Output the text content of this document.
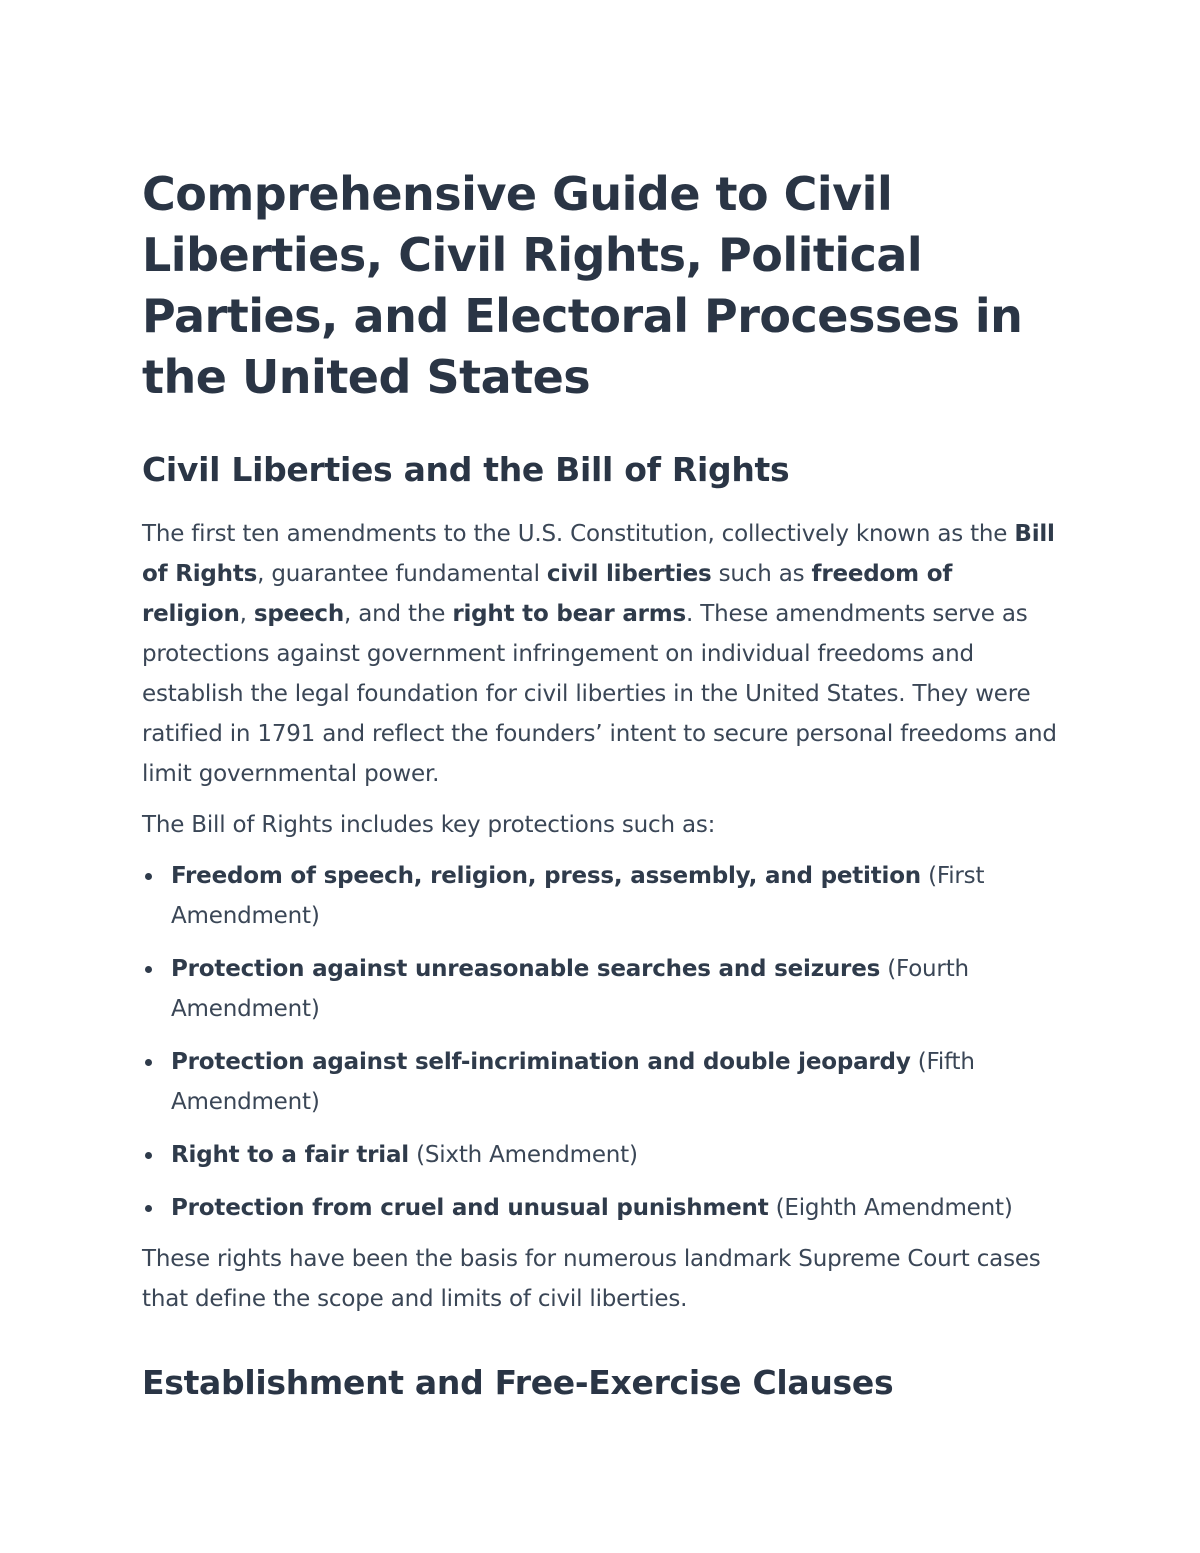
Comprehensive Guide to Civil Liberties, Civil Rights, Political Parties, and Electoral Processes in the United States
Civil Liberties and the Bill of Rights

The first ten amendments to the U.S. Constitution, collectively known as the Bill of Rights, guarantee fundamental civil liberties such as freedom of religion, speech, and the right to bear arms. These amendments serve as protections against government infringement on individual freedoms and establish the legal foundation for civil liberties in the United States. They were ratified in 1791 and reflect the founders’ intent to secure personal freedoms and limit governmental power.

The Bill of Rights includes key protections such as:

Freedom of speech, religion, press, assembly, and petition (First Amendment)
Protection against unreasonable searches and seizures (Fourth Amendment)
Protection against self-incrimination and double jeopardy (Fifth Amendment)
Right to a fair trial (Sixth Amendment)
Protection from cruel and unusual punishment (Eighth Amendment)

These rights have been the basis for numerous landmark Supreme Court cases that define the scope and limits of civil liberties.

Establishment and Free-Exercise Clauses
